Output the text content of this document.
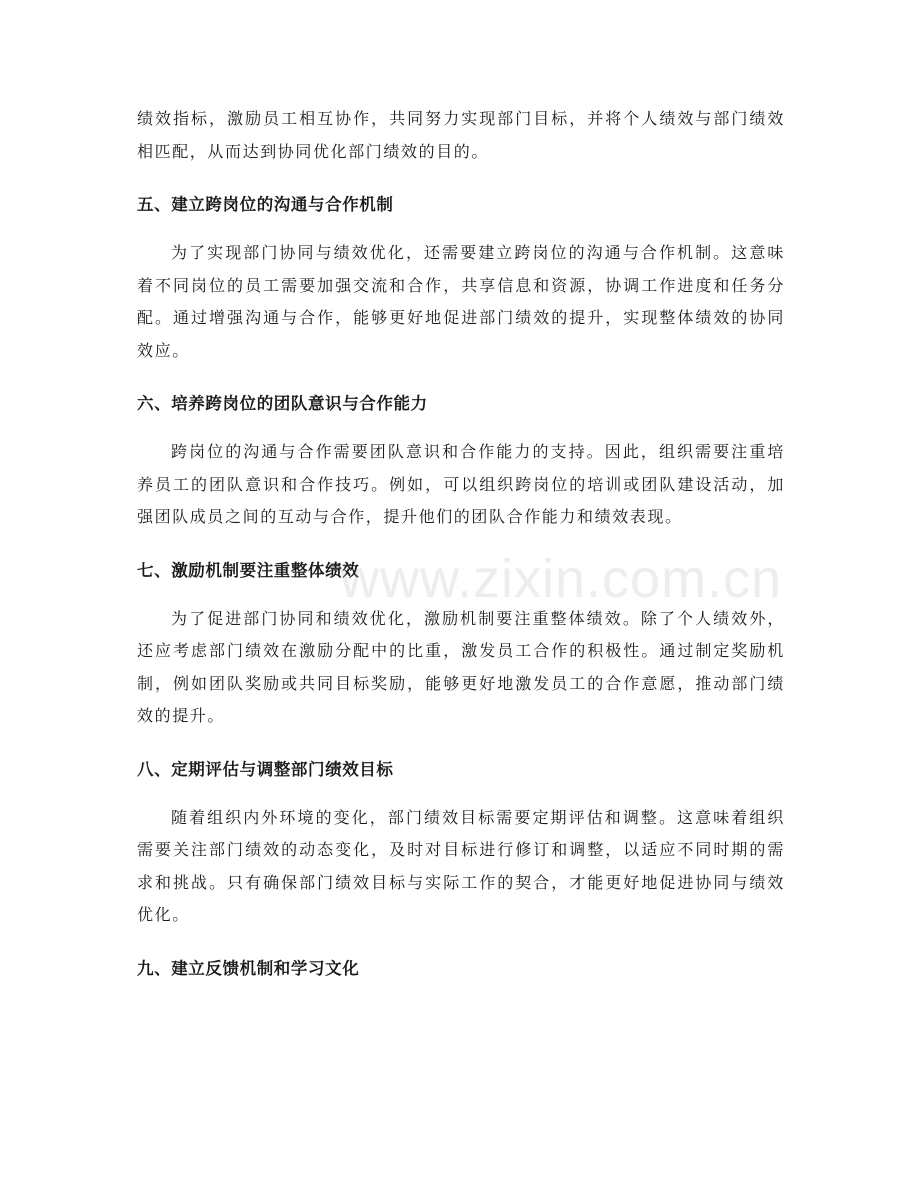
绩效指标，激励员工相互协作，共同努力实现部门目标，并将个人绩效与部门绩效相匹配，从而达到协同优化部门绩效的目的。

五、建立跨岗位的沟通与合作机制

为了实现部门协同与绩效优化，还需要建立跨岗位的沟通与合作机制。这意味着不同岗位的员工需要加强交流和合作，共享信息和资源，协调工作进度和任务分配。通过增强沟通与合作，能够更好地促进部门绩效的提升，实现整体绩效的协同效应。

六、培养跨岗位的团队意识与合作能力

跨岗位的沟通与合作需要团队意识和合作能力的支持。因此，组织需要注重培养员工的团队意识和合作技巧。例如，可以组织跨岗位的培训或团队建设活动，加强团队成员之间的互动与合作，提升他们的团队合作能力和绩效表现。

七、激励机制要注重整体绩效

为了促进部门协同和绩效优化，激励机制要注重整体绩效。除了个人绩效外，还应考虑部门绩效在激励分配中的比重，激发员工合作的积极性。通过制定奖励机制，例如团队奖励或共同目标奖励，能够更好地激发员工的合作意愿，推动部门绩效的提升。

八、定期评估与调整部门绩效目标

随着组织内外环境的变化，部门绩效目标需要定期评估和调整。这意味着组织需要关注部门绩效的动态变化，及时对目标进行修订和调整，以适应不同时期的需求和挑战。只有确保部门绩效目标与实际工作的契合，才能更好地促进协同与绩效优化。

九、建立反馈机制和学习文化
www.zixin.com.cn
